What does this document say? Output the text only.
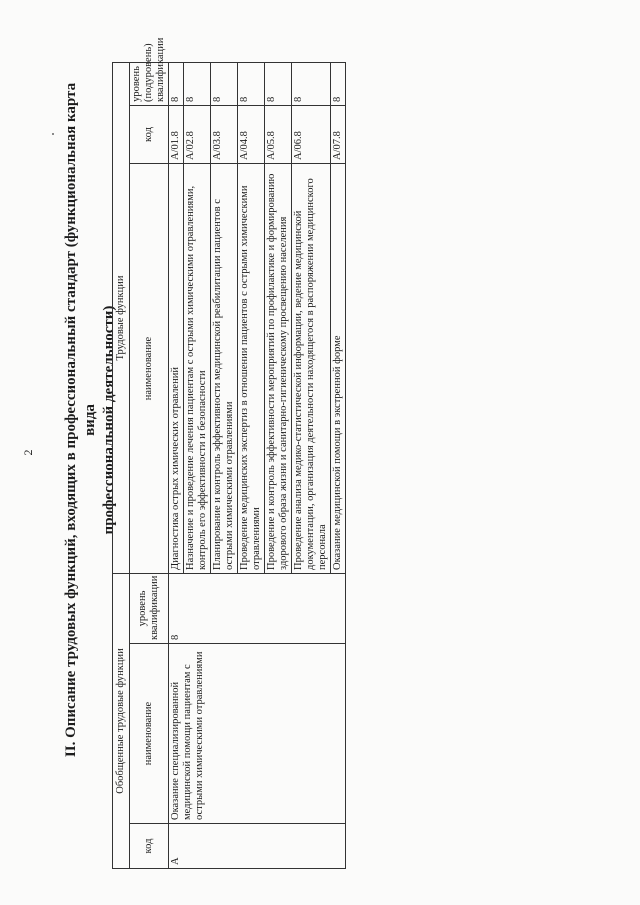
2 II. Описание трудовых функций, входящих в профессиональный стандарт (функциональная карта вида профессиональной деятельности)
Обобщенные трудовые функции			Трудовые функции		
код	наименование	уровень квалификации	наименование	код	уровень (подуровень) квалификации
A	Оказание специализированной медицинской помощи пациентам с острыми химическими отравлениями	8	Диагностика острых химических отравлений	A/01.8	8
			Назначение и проведение лечения пациентам с острыми химическими отравлениями, контроль его эффективности и безопасности	A/02.8	8
			Планирование и контроль эффективности медицинской реабилитации пациентов с острыми химическими отравлениями	A/03.8	8
			Проведение медицинских экспертиз в отношении пациентов с острыми химическими отравлениями	A/04.8	8
			Проведение и контроль эффективности мероприятий по профилактике и формированию здорового образа жизни и санитарно-гигиеническому просвещению населения	A/05.8	8
			Проведение анализа медико-статистической информации, ведение медицинской документации, организация деятельности находящегося в распоряжении медицинского персонала	A/06.8	8
			Оказание медицинской помощи в экстренной форме	A/07.8	8
